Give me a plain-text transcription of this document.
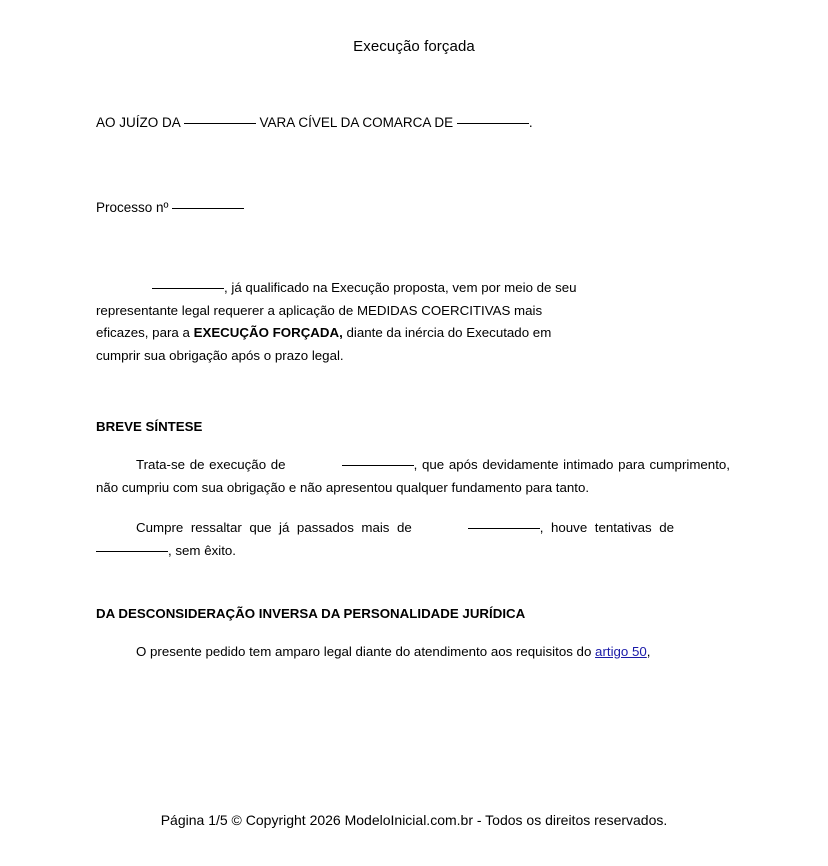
Execução forçada
AO JUÍZO DA	VARA CÍVEL DA COMARCA DE	.
Processo nº
, já qualificado na Execução proposta, vem por meio de seu
representante legal requerer a aplicação de MEDIDAS COERCITIVAS mais
eficazes, para a EXECUÇÃO FORÇADA, diante da inércia do Executado em
cumprir sua obrigação após o prazo legal.
BREVE SÍNTESE
Trata-se de execução de	, que após devidamente intimado para cumprimento, não cumpriu com sua obrigação e não apresentou qualquer fundamento para tanto.
Cumpre ressaltar que já passados mais de	, houve tentativas de, sem êxito.
DA DESCONSIDERAÇÃO INVERSA DA PERSONALIDADE JURÍDICA
O presente pedido tem amparo legal diante do atendimento aos requisitos do artigo 50,
Página 1/5 © Copyright 2026 ModeloInicial.com.br - Todos os direitos reservados.
